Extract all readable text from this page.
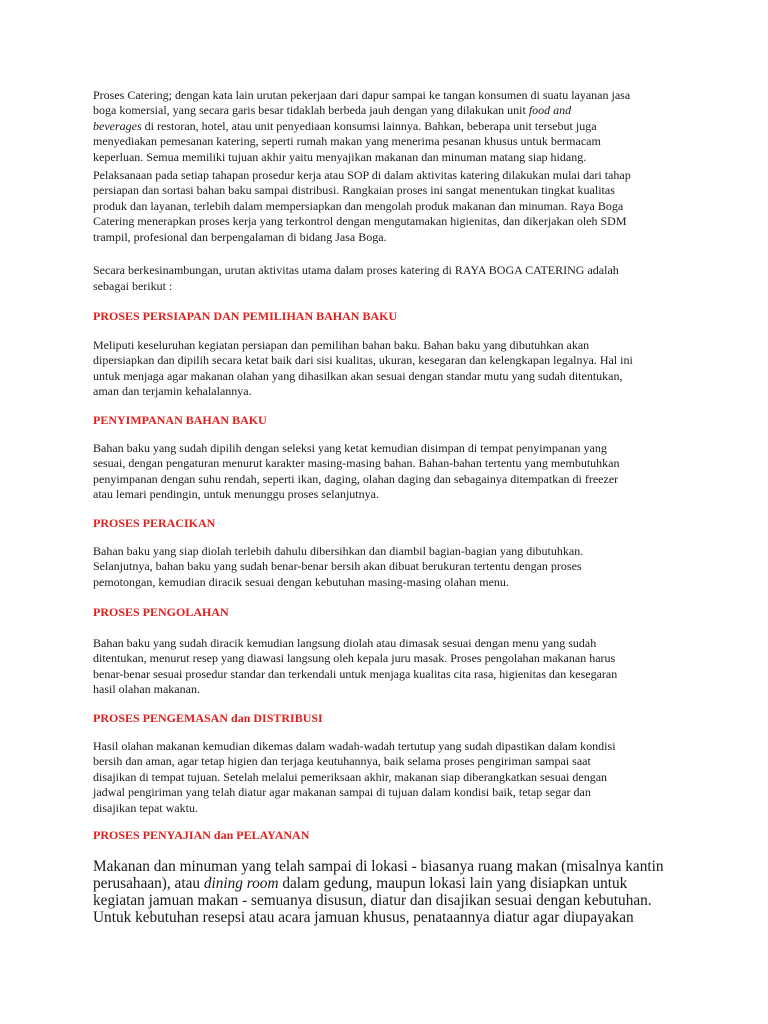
Proses Catering; dengan kata lain urutan pekerjaan dari dapur sampai ke tangan konsumen di suatu layanan jasa
boga komersial, yang secara garis besar tidaklah berbeda jauh dengan yang dilakukan unit food and
beverages di restoran, hotel, atau unit penyediaan konsumsi lainnya. Bahkan, beberapa unit tersebut juga
menyediakan pemesanan katering, seperti rumah makan yang menerima pesanan khusus untuk bermacam
keperluan. Semua memiliki tujuan akhir yaitu menyajikan makanan dan minuman matang siap hidang.
Pelaksanaan pada setiap tahapan prosedur kerja atau SOP di dalam aktivitas katering dilakukan mulai dari tahap
persiapan dan sortasi bahan baku sampai distribusi. Rangkaian proses ini sangat menentukan tingkat kualitas
produk dan layanan, terlebih dalam mempersiapkan dan mengolah produk makanan dan minuman. Raya Boga
Catering menerapkan proses kerja yang terkontrol dengan mengutamakan higienitas, dan dikerjakan oleh SDM
trampil, profesional dan berpengalaman di bidang Jasa Boga.
Secara berkesinambungan, urutan aktivitas utama dalam proses katering di RAYA BOGA CATERING adalah
sebagai berikut :
PROSES PERSIAPAN DAN PEMILIHAN BAHAN BAKU
Meliputi keseluruhan kegiatan persiapan dan pemilihan bahan baku. Bahan baku yang dibutuhkan akan
dipersiapkan dan dipilih secara ketat baik dari sisi kualitas, ukuran, kesegaran dan kelengkapan legalnya. Hal ini
untuk menjaga agar makanan olahan yang dihasilkan akan sesuai dengan standar mutu yang sudah ditentukan,
aman dan terjamin kehalalannya.
PENYIMPANAN BAHAN BAKU
Bahan baku yang sudah dipilih dengan seleksi yang ketat kemudian disimpan di tempat penyimpanan yang
sesuai, dengan pengaturan menurut karakter masing-masing bahan. Bahan-bahan tertentu yang membutuhkan
penyimpanan dengan suhu rendah, seperti ikan, daging, olahan daging dan sebagainya ditempatkan di freezer
atau lemari pendingin, untuk menunggu proses selanjutnya.
PROSES PERACIKAN
Bahan baku yang siap diolah terlebih dahulu dibersihkan dan diambil bagian-bagian yang dibutuhkan.
Selanjutnya, bahan baku yang sudah benar-benar bersih akan dibuat berukuran tertentu dengan proses
pemotongan, kemudian diracik sesuai dengan kebutuhan masing-masing olahan menu.
PROSES PENGOLAHAN
Bahan baku yang sudah diracik kemudian langsung diolah atau dimasak sesuai dengan menu yang sudah
ditentukan, menurut resep yang diawasi langsung oleh kepala juru masak. Proses pengolahan makanan harus
benar-benar sesuai prosedur standar dan terkendali untuk menjaga kualitas cita rasa, higienitas dan kesegaran
hasil olahan makanan.
PROSES PENGEMASAN dan DISTRIBUSI
Hasil olahan makanan kemudian dikemas dalam wadah-wadah tertutup yang sudah dipastikan dalam kondisi
bersih dan aman, agar tetap higien dan terjaga keutuhannya, baik selama proses pengiriman sampai saat
disajikan di tempat tujuan. Setelah melalui pemeriksaan akhir, makanan siap diberangkatkan sesuai dengan
jadwal pengiriman yang telah diatur agar makanan sampai di tujuan dalam kondisi baik, tetap segar dan
disajikan tepat waktu.
PROSES PENYAJIAN dan PELAYANAN
Makanan dan minuman yang telah sampai di lokasi - biasanya ruang makan (misalnya kantin
perusahaan), atau dining room dalam gedung, maupun lokasi lain yang disiapkan untuk
kegiatan jamuan makan - semuanya disusun, diatur dan disajikan sesuai dengan kebutuhan.
Untuk kebutuhan resepsi atau acara jamuan khusus, penataannya diatur agar diupayakan
